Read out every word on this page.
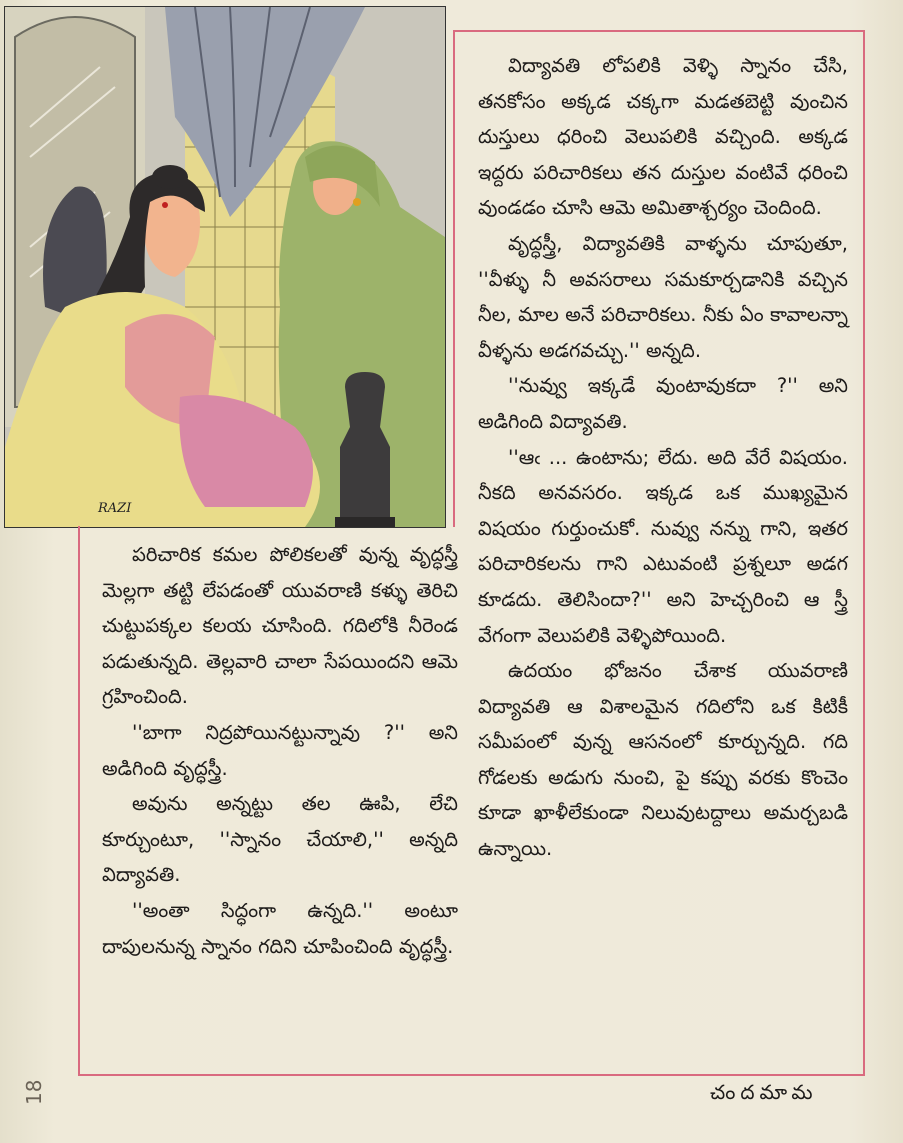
RAZI

విద్యావతి లోపలికి వెళ్ళి స్నానం చేసి, తనకోసం అక్కడ చక్కగా మడతబెట్టి వుంచిన దుస్తులు ధరించి వెలుపలికి వచ్చింది. అక్కడ ఇద్దరు పరిచారికలు తన దుస్తుల వంటివే ధరించి వుండడం చూసి ఆమె అమితాశ్చర్యం చెందింది.

వృద్ధస్త్రీ, విద్యావతికి వాళ్ళను చూపుతూ, ''వీళ్ళు నీ అవసరాలు సమకూర్చడానికి వచ్చిన నీల, మాల అనే పరిచారికలు. నీకు ఏం కావాలన్నా వీళ్ళను అడగవచ్చు.'' అన్నది.

''నువ్వు ఇక్కడే వుంటావుకదా ?'' అని అడిగింది విద్యావతి.

''ఆఁ ... ఉంటాను; లేదు. అది వేరే విషయం. నీకది అనవసరం. ఇక్కడ ఒక ముఖ్యమైన విషయం గుర్తుంచుకో. నువ్వు నన్ను గాని, ఇతర పరిచారికలను గాని ఎటువంటి ప్రశ్నలూ అడగ కూడదు. తెలిసిందా?'' అని హెచ్చరించి ఆ స్త్రీ వేగంగా వెలుపలికి వెళ్ళిపోయింది.

ఉదయం భోజనం చేశాక యువరాణి విద్యావతి ఆ విశాలమైన గదిలోని ఒక కిటికీ సమీపంలో వున్న ఆసనంలో కూర్చున్నది. గది గోడలకు అడుగు నుంచి, పై కప్పు వరకు కొంచెం కూడా ఖాళీలేకుండా నిలువుటద్దాలు అమర్చబడి ఉన్నాయి.

పరిచారిక కమల పోలికలతో వున్న వృద్ధస్త్రీ మెల్లగా తట్టి లేపడంతో యువరాణి కళ్ళు తెరిచి చుట్టుపక్కల కలయ చూసింది. గదిలోకి నీరెండ పడుతున్నది. తెల్లవారి చాలా సేపయిందని ఆమె గ్రహించింది.

''బాగా నిద్రపోయినట్టున్నావు ?'' అని అడిగింది వృద్ధస్త్రీ.

అవును అన్నట్టు తల ఊపి, లేచి కూర్చుంటూ, ''స్నానం చేయాలి,'' అన్నది విద్యావతి.

''అంతా సిద్ధంగా ఉన్నది.'' అంటూ దాపులనున్న స్నానం గదిని చూపించింది వృద్ధస్త్రీ.

చందమామ
18
